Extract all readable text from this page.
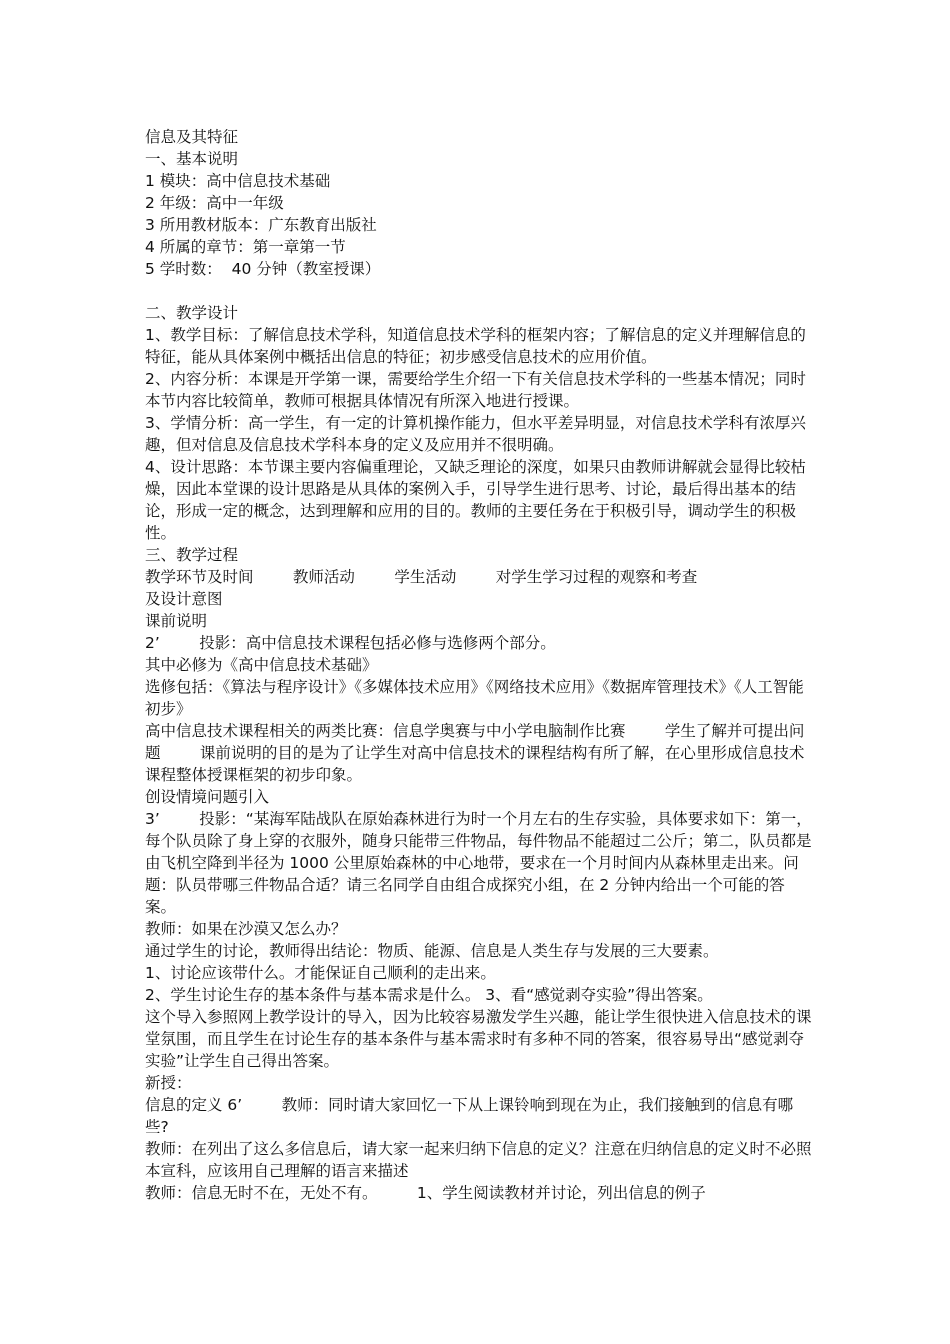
信息及其特征

一、基本说明

1 模块：高中信息技术基础

2 年级：高中一年级

3 所用教材版本：广东教育出版社

4 所属的章节：第一章第一节

5 学时数：  40 分钟（教室授课）

二、教学设计

1、教学目标：了解信息技术学科，知道信息技术学科的框架内容；了解信息的定义并理解信息的特征，能从具体案例中概括出信息的特征；初步感受信息技术的应用价值。

2、内容分析：本课是开学第一课，需要给学生介绍一下有关信息技术学科的一些基本情况；同时本节内容比较简单，教师可根据具体情况有所深入地进行授课。

3、学情分析：高一学生，有一定的计算机操作能力，但水平差异明显，对信息技术学科有浓厚兴趣，但对信息及信息技术学科本身的定义及应用并不很明确。

4、设计思路：本节课主要内容偏重理论，又缺乏理论的深度，如果只由教师讲解就会显得比较枯燥，因此本堂课的设计思路是从具体的案例入手，引导学生进行思考、讨论，最后得出基本的结论，形成一定的概念，达到理解和应用的目的。教师的主要任务在于积极引导，调动学生的积极性。

三、教学过程

教学环节及时间        教师活动        学生活动        对学生学习过程的观察和考查

及设计意图

课前说明

2’        投影：高中信息技术课程包括必修与选修两个部分。

其中必修为《高中信息技术基础》

选修包括：《算法与程序设计》《多媒体技术应用》《网络技术应用》《数据库管理技术》《人工智能初步》

高中信息技术课程相关的两类比赛：信息学奥赛与中小学电脑制作比赛        学生了解并可提出问题        课前说明的目的是为了让学生对高中信息技术的课程结构有所了解，在心里形成信息技术课程整体授课框架的初步印象。

创设情境问题引入

3’        投影：“某海军陆战队在原始森林进行为时一个月左右的生存实验，具体要求如下：第一，每个队员除了身上穿的衣服外，随身只能带三件物品，每件物品不能超过二公斤；第二，队员都是由飞机空降到半径为 1000 公里原始森林的中心地带，要求在一个月时间内从森林里走出来。问题：队员带哪三件物品合适？请三名同学自由组合成探究小组，在 2 分钟内给出一个可能的答案。

教师：如果在沙漠又怎么办？

通过学生的讨论，教师得出结论：物质、能源、信息是人类生存与发展的三大要素。

1、讨论应该带什么。才能保证自己顺利的走出来。

2、学生讨论生存的基本条件与基本需求是什么。 3、看“感觉剥夺实验”得出答案。

这个导入参照网上教学设计的导入，因为比较容易激发学生兴趣，能让学生很快进入信息技术的课堂氛围，而且学生在讨论生存的基本条件与基本需求时有多种不同的答案，很容易导出“感觉剥夺实验”让学生自己得出答案。

新授：

信息的定义 6’        教师：同时请大家回忆一下从上课铃响到现在为止，我们接触到的信息有哪些?

教师：在列出了这么多信息后，请大家一起来归纳下信息的定义？注意在归纳信息的定义时不必照本宣科，应该用自己理解的语言来描述

教师：信息无时不在，无处不有。        1、学生阅读教材并讨论，列出信息的例子
